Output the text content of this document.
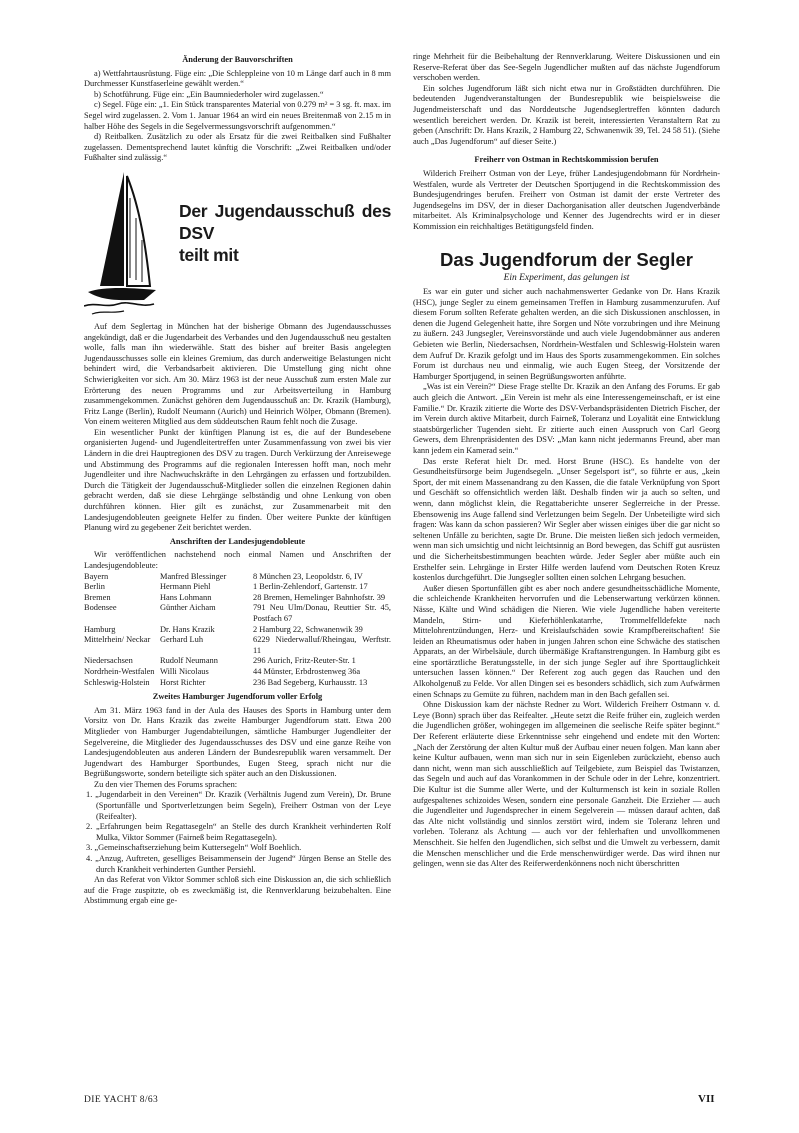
Änderung der Bauvorschriften

a) Wettfahrtausrüstung. Füge ein: „Die Schleppleine von 10 m Länge darf auch in 8 mm Durchmesser Kunstfaserleine gewählt werden.“

b) Schotführung. Füge ein: „Ein Baumniederholer wird zugelassen.“

c) Segel. Füge ein: „1. Ein Stück transparentes Material von 0.279 m² = 3 sg. ft. max. im Segel wird zugelassen. 2. Vom 1. Januar 1964 an wird ein neues Breitenmaß von 2.15 m in halber Höhe des Segels in die Segelvermessungsvorschrift aufgenommen.“

d) Reitbalken. Zusätzlich zu oder als Ersatz für die zwei Reitbalken sind Fußhalter zugelassen. Dementsprechend lautet künftig die Vorschrift: „Zwei Reitbalken und/oder Fußhalter sind zulässig.“

Der Jugendausschuß des DSV
teilt mit

Auf dem Seglertag in München hat der bisherige Obmann des Jugendausschusses angekündigt, daß er die Jugendarbeit des Verbandes und den Jugendausschuß neu gestalten wolle, falls man ihn wiederwähle. Statt des bisher auf breiter Basis angelegten Jugendausschusses solle ein kleines Gremium, das durch anderweitige Belastungen nicht behindert wird, die Verbandsarbeit aktivieren. Die Umstellung ging nicht ohne Schwierigkeiten vor sich. Am 30. März 1963 ist der neue Ausschuß zum ersten Male zur Erörterung des neuen Programms und zur Arbeitsverteilung in Hamburg zusammengekommen. Zunächst gehören dem Jugendausschuß an: Dr. Krazik (Hamburg), Fritz Lange (Berlin), Rudolf Neumann (Aurich) und Heinrich Wölper, Obmann (Bremen). Von einem weiteren Mitglied aus dem süddeutschen Raum fehlt noch die Zusage.

Ein wesentlicher Punkt der künftigen Planung ist es, die auf der Bundesebene organisierten Jugend- und Jugendleitertreffen unter Zusammenfassung von zwei bis vier Ländern in die drei Hauptregionen des DSV zu tragen. Durch Verkürzung der Anreisewege und Abstimmung des Programms auf die regionalen Interessen hofft man, noch mehr Jugendleiter und ihre Nachwuchskräfte in den Lehrgängen zu erfassen und fortzubilden. Durch die Tätigkeit der Jugendausschuß-Mitglieder sollen die einzelnen Regionen dahin gebracht werden, daß sie diese Lehrgänge selbständig und ohne Lenkung von oben durchführen können. Hier gilt es zunächst, zur Zusammenarbeit mit den Landesjugendobleuten geeignete Helfer zu finden. Über weitere Punkte der künftigen Planung wird zu gegebener Zeit berichtet werden.

Anschriften der Landesjugendobleute

Wir veröffentlichen nachstehend noch einmal Namen und Anschriften der Landesjugendobleute:

Bayern	Manfred Blessinger	8 München 23, Leopoldstr. 6, IV
Berlin	Hermann Piehl	1 Berlin-Zehlendorf, Gartenstr. 17
Bremen	Hans Lohmann	28 Bremen, Hemelinger Bahnhofstr. 39
Bodensee	Günther Aicham	791 Neu Ulm/Donau, Reuttier Str. 45, Postfach 67
Hamburg	Dr. Hans Krazik	2 Hamburg 22, Schwanenwik 39
Mittelrhein/ Neckar	Gerhard Luh	6229 Niederwalluf/Rheingau, Werftstr. 11
Niedersachsen	Rudolf Neumann	296 Aurich, Fritz-Reuter-Str. 1
Nordrhein-Westfalen	Willi Nicolaus	44 Münster, Erbdrostenweg 36a
Schleswig-Holstein	Horst Richter	236 Bad Segeberg, Kurhausstr. 13
Zweites Hamburger Jugendforum voller Erfolg

Am 31. März 1963 fand in der Aula des Hauses des Sports in Hamburg unter dem Vorsitz von Dr. Hans Krazik das zweite Hamburger Jugendforum statt. Etwa 200 Mitglieder von Hamburger Jugendabteilungen, sämtliche Hamburger Jugendleiter der Segelvereine, die Mitglieder des Jugendausschusses des DSV und eine ganze Reihe von Landesjugendobleuten aus anderen Ländern der Bundesrepublik waren versammelt. Der Jugendwart des Hamburger Sportbundes, Eugen Steeg, sprach nicht nur die Begrüßungsworte, sondern beteiligte sich später auch an den Diskussionen.

Zu den vier Themen des Forums sprachen:

1. „Jugendarbeit in den Vereinen“ Dr. Krazik (Verhältnis Jugend zum Verein), Dr. Brune (Sportunfälle und Sportverletzungen beim Segeln), Freiherr Ostman von der Leye (Reifealter).
2. „Erfahrungen beim Regattasegeln“ an Stelle des durch Krankheit verhinderten Rolf Mulka, Viktor Sommer (Fairneß beim Regattasegeln).
3. „Gemeinschaftserziehung beim Kuttersegeln“ Wolf Boehlich.
4. „Anzug, Auftreten, geselliges Beisammensein der Jugend“ Jürgen Bense an Stelle des durch Krankheit verhinderten Gunther Persiehl.

An das Referat von Viktor Sommer schloß sich eine Diskussion an, die sich schließlich auf die Frage zuspitzte, ob es zweckmäßig ist, die Rennverklarung beizubehalten. Eine Abstimmung ergab eine ge-

ringe Mehrheit für die Beibehaltung der Rennverklarung. Weitere Diskussionen und ein Reserve-Referat über das See-Segeln Jugendlicher mußten auf das nächste Jugendforum verschoben werden.

Ein solches Jugendforum läßt sich nicht etwa nur in Großstädten durchführen. Die bedeutenden Jugendveranstaltungen der Bundesrepublik wie beispielsweise die Jugendmeisterschaft und das Norddeutsche Jugendseglertreffen könnten dadurch wesentlich bereichert werden. Dr. Krazik ist bereit, interessierten Veranstaltern Rat zu geben (Anschrift: Dr. Hans Krazik, 2 Hamburg 22, Schwanenwik 39, Tel. 24 58 51). (Siehe auch „Das Jugendforum“ auf dieser Seite.)

Freiherr von Ostman in Rechtskommission berufen

Wilderich Freiherr Ostman von der Leye, früher Landesjugendobmann für Nordrhein-Westfalen, wurde als Vertreter der Deutschen Sportjugend in die Rechtskommission des Bundesjugendringes berufen. Freiherr von Ostman ist damit der erste Vertreter des Jugendsegelns im DSV, der in dieser Dachorganisation aller deutschen Jugendverbände mitarbeitet. Als Kriminalpsychologe und Kenner des Jugendrechts wird er in dieser Kommission ein reichhaltiges Betätigungsfeld finden.

Das Jugendforum der Segler
Ein Experiment, das gelungen ist

Es war ein guter und sicher auch nachahmenswerter Gedanke von Dr. Hans Krazik (HSC), junge Segler zu einem gemeinsamen Treffen in Hamburg zusammenzurufen. Auf diesem Forum sollten Referate gehalten werden, an die sich Diskussionen anschlossen, in denen die Jugend Gelegenheit hatte, ihre Sorgen und Nöte vorzubringen und ihre Meinung zu äußern. 243 Jungsegler, Vereinsvorstände und auch viele Jugendobmänner aus anderen Gebieten wie Berlin, Niedersachsen, Nordrhein-Westfalen und Schleswig-Holstein waren dem Aufruf Dr. Krazik gefolgt und im Haus des Sports zusammengekommen. Ein solches Forum ist durchaus neu und einmalig, wie auch Eugen Steeg, der Vorsitzende der Hamburger Sportjugend, in seinen Begrüßungsworten anführte.

„Was ist ein Verein?“ Diese Frage stellte Dr. Krazik an den Anfang des Forums. Er gab auch gleich die Antwort. „Ein Verein ist mehr als eine Interessengemeinschaft, er ist eine Familie.“ Dr. Krazik zitierte die Worte des DSV-Verbandspräsidenten Dietrich Fischer, der im Verein durch aktive Mitarbeit, durch Fairneß, Toleranz und Loyalität eine Entwicklung staatsbürgerlicher Tugenden sieht. Er zitierte auch einen Ausspruch von Carl Georg Gewers, dem Ehrenpräsidenten des DSV: „Man kann nicht jedermanns Freund, aber man kann jedem ein Kamerad sein.“

Das erste Referat hielt Dr. med. Horst Brune (HSC). Es handelte von der Gesundheitsfürsorge beim Jugendsegeln. „Unser Segelsport ist“, so führte er aus, „kein Sport, der mit einem Massenandrang zu den Kassen, die die fatale Verknüpfung von Sport und Geschäft so offensichtlich werden läßt. Deshalb finden wir ja auch so selten, und wenn, dann möglichst klein, die Regattaberichte unserer Seglerreiche in der Presse. Ebensowenig ins Auge fallend sind Verletzungen beim Segeln. Der Unbeteiligte wird sich fragen: Was kann da schon passieren? Wir Segler aber wissen einiges über die gar nicht so seltenen Unfälle zu berichten, sagte Dr. Brune. Die meisten ließen sich jedoch vermeiden, wenn man sich umsichtig und nicht leichtsinnig an Bord bewegen, das Schiff gut ausrüsten und die Sicherheitsbestimmungen beachten würde. Jeder Segler aber müßte auch ein Ersthelfer sein. Lehrgänge in Erster Hilfe werden laufend vom Deutschen Roten Kreuz kostenlos durchgeführt. Die Jungsegler sollten einen solchen Lehrgang besuchen.

Außer diesen Sportunfällen gibt es aber noch andere gesundheitsschädliche Momente, die schleichende Krankheiten hervorrufen und die Lebenserwartung verkürzen können. Nässe, Kälte und Wind schädigen die Nieren. Wie viele Jugendliche haben vereiterte Mandeln, Stirn- und Kieferhöhlenkatarrhe, Trommelfelldefekte nach Mittelohrentzündungen, Herz- und Kreislaufschäden sowie Krampfbereitschaften! Sie leiden an Rheumatismus oder haben in jungen Jahren schon eine Schwäche des statischen Apparats, an der Wirbelsäule, durch übermäßige Kraftanstrengungen. In Hamburg gibt es eine sportärztliche Beratungsstelle, in der sich junge Segler auf ihre Sporttauglichkeit untersuchen lassen können.“ Der Referent zog auch gegen das Rauchen und den Alkoholgenuß zu Felde. Vor allen Dingen sei es besonders schädlich, sich zum Aufwärmen einen Schnaps zu Gemüte zu führen, nachdem man in den Bach gefallen sei.

Ohne Diskussion kam der nächste Redner zu Wort. Wilderich Freiherr Ostmann v. d. Leye (Bonn) sprach über das Reifealter. „Heute setzt die Reife früher ein, zugleich werden die Jugendlichen größer, wohingegen im allgemeinen die seelische Reife später beginnt.“ Der Referent erläuterte diese Erkenntnisse sehr eingehend und endete mit den Worten: „Nach der Zerstörung der alten Kultur muß der Aufbau einer neuen folgen. Man kann aber keine Kultur aufbauen, wenn man sich nur in sein Eigenleben zurückzieht, ebenso auch dann nicht, wenn man sich ausschließlich auf Teilgebiete, zum Beispiel das Twistanzen, das Segeln und auch auf das Vorankommen in der Schule oder in der Lehre, konzentriert. Die Kultur ist die Summe aller Werte, und der Kulturmensch ist kein in soziale Rollen aufgespaltenes schizoides Wesen, sondern eine personale Ganzheit. Die Erzieher — auch die Jugendleiter und Jugendsprecher in einem Segelverein — müssen darauf achten, daß das Alte nicht vollständig und sinnlos zerstört wird, indem sie Toleranz lehren und vorleben. Toleranz als Achtung — auch vor der fehlerhaften und unvollkommenen Menschheit. Sie helfen den Jugendlichen, sich selbst und die Umwelt zu verbessern, damit die Menschen menschlicher und die Erde menschenwürdiger werde. Das wird ihnen nur gelingen, wenn sie das Alter des Reiferwerdenkönnens noch nicht überschritten

DIE YACHT 8/63	VII
